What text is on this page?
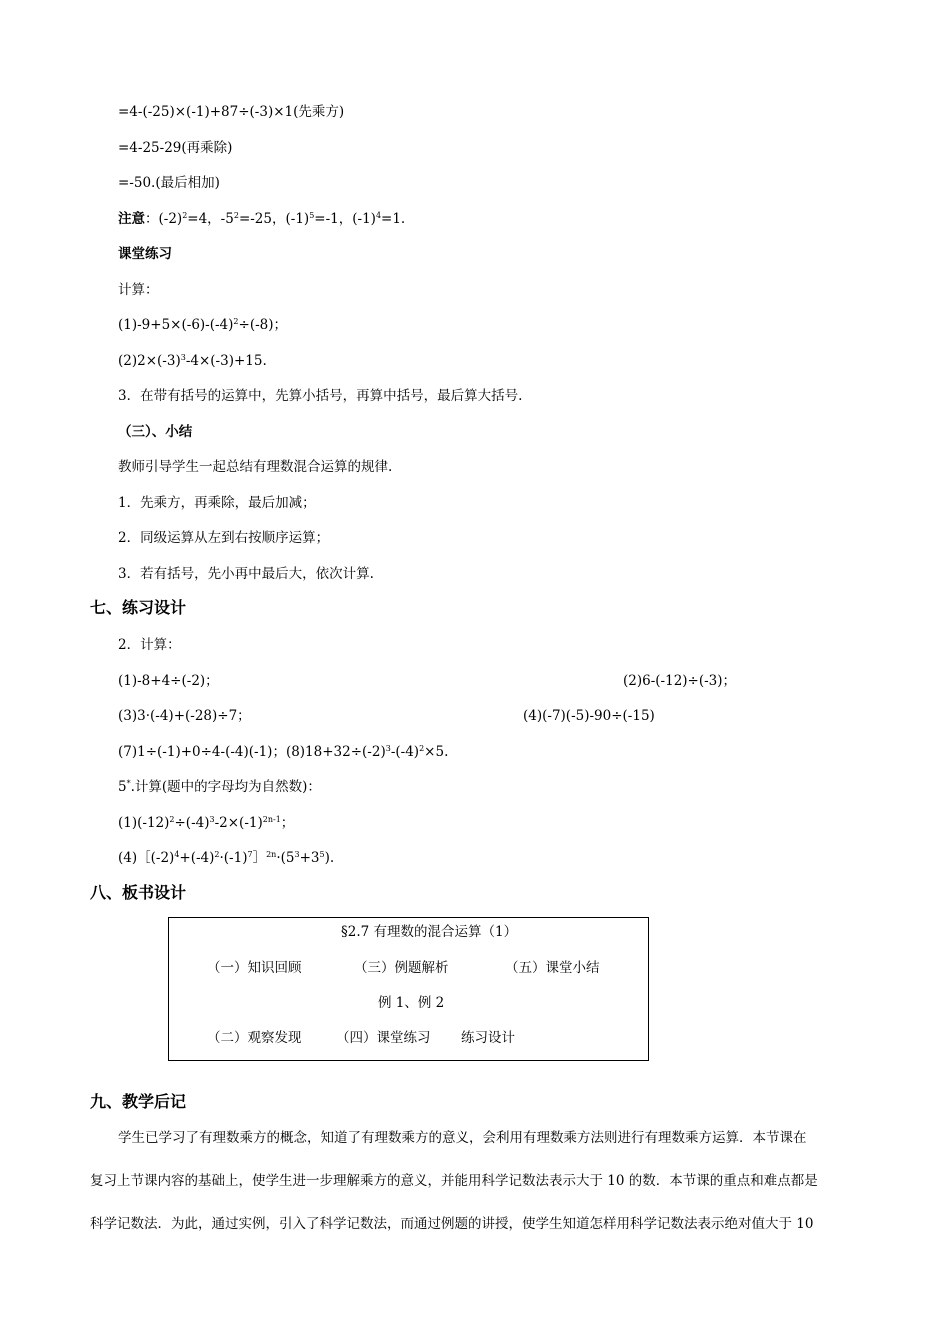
=4-(-25)×(-1)+87÷(-3)×1(先乘方)
=4-25-29(再乘除)
=-50.(最后相加)
注意：$(-2)^2=4$，$-5^2=-25$，$(-1)^5=-1$，$(-1)^4=1$.
课堂练习
计算：
$(1)-9+5\times(-6)-(-4)^2\div(-8)$；
$(2)2\times(-3)^3-4\times(-3)+15$.
3．在带有括号的运算中，先算小括号，再算中括号，最后算大括号.
（三）、小结
教师引导学生一起总结有理数混合运算的规律.
1．先乘方，再乘除，最后加减；
2．同级运算从左到右按顺序运算；
3．若有括号，先小再中最后大，依次计算.
七、练习设计
2．计算：
(1)-8+4÷(-2)；	(2)6-(-12)÷(-3)；
(3)3·(-4)+(-28)÷7；	(4)(-7)(-5)-90÷(-15)
(7)1÷(-1)+0÷4-(-4)(-1)；$(8)18+32\div(-2)^3-(-4)^2\times 5$.
5*.计算(题中的字母均为自然数)：
$(1)(-12)^2\div(-4)^3-2\times(-1)^{2n-1}$；
$(4)[(-2)^4+(-4)^2\cdot(-1)^7]^{2n}\cdot(5^3+3^5)$.
八、板书设计
§2.7 有理数的混合运算（1）
（一）知识回顾	（三）例题解析	（五）课堂小结
例 1、例 2
（二）观察发现	（四）课堂练习 练习设计
九、教学后记
学生已学习了有理数乘方的概念，知道了有理数乘方的意义，会利用有理数乘方法则进行有理数乘方运算．本节课在
复习上节课内容的基础上，使学生进一步理解乘方的意义，并能用科学记数法表示大于 10 的数．本节课的重点和难点都是
科学记数法．为此，通过实例，引入了科学记数法，而通过例题的讲授，使学生知道怎样用科学记数法表示绝对值大于 10
